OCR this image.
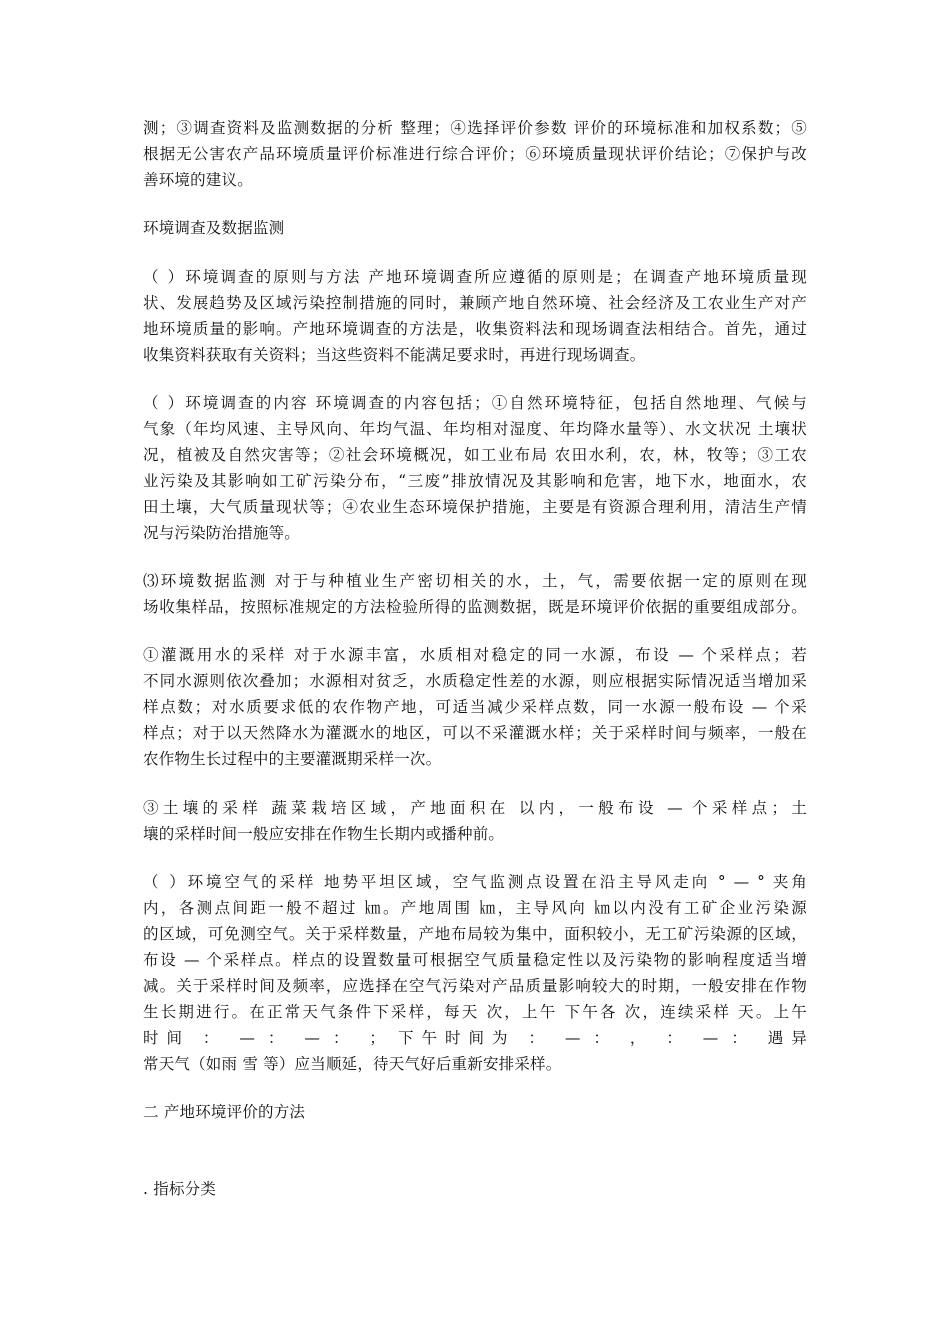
测；③调查资料及监测数据的分析 整理；④选择评价参数 评价的环境标准和加权系数；⑤
根据无公害农产品环境质量评价标准进行综合评价；⑥环境质量现状评价结论；⑦保护与改
善环境的建议。
环境调查及数据监测
（ ）环境调查的原则与方法 产地环境调查所应遵循的原则是；在调查产地环境质量现
状、发展趋势及区域污染控制措施的同时，兼顾产地自然环境、社会经济及工农业生产对产
地环境质量的影响。产地环境调查的方法是，收集资料法和现场调查法相结合。首先，通过
收集资料获取有关资料；当这些资料不能满足要求时，再进行现场调查。
（ ）环境调查的内容 环境调查的内容包括；①自然环境特征，包括自然地理、气候与
气象（年均风速、主导风向、年均气温、年均相对湿度、年均降水量等）、水文状况 土壤状
况，植被及自然灾害等；②社会环境概况，如工业布局 农田水利，农，林，牧等；③工农
业污染及其影响如工矿污染分布，“三废”排放情况及其影响和危害，地下水，地面水，农
田土壤，大气质量现状等；④农业生态环境保护措施，主要是有资源合理利用，清洁生产情
况与污染防治措施等。
⑶环境数据监测 对于与种植业生产密切相关的水，土，气，需要依据一定的原则在现
场收集样品，按照标准规定的方法检验所得的监测数据，既是环境评价依据的重要组成部分。
①灌溉用水的采样 对于水源丰富，水质相对稳定的同一水源，布设 — 个采样点；若
不同水源则依次叠加；水源相对贫乏，水质稳定性差的水源，则应根据实际情况适当增加采
样点数；对水质要求低的农作物产地，可适当减少采样点数，同一水源一般布设 — 个采
样点；对于以天然降水为灌溉水的地区，可以不采灌溉水样；关于采样时间与频率，一般在
农作物生长过程中的主要灌溉期采样一次。
③土壤的采样 蔬菜栽培区域，产地面积在 以内，一般布设 — 个采样点；土
壤的采样时间一般应安排在作物生长期内或播种前。
（ ）环境空气的采样 地势平坦区域，空气监测点设置在沿主导风走向 ° — ° 夹角
内，各测点间距一般不超过 ㎞。产地周围 ㎞，主导风向 ㎞以内没有工矿企业污染源
的区域，可免测空气。关于采样数量，产地布局较为集中，面积较小，无工矿污染源的区域，
布设 — 个采样点。样点的设置数量可根据空气质量稳定性以及污染物的影响程度适当增
减。关于采样时间及频率，应选择在空气污染对产品质量影响较大的时期，一般安排在作物
生长期进行。在正常天气条件下采样，每天 次，上午 下午各 次，连续采样 天。上午
时间 ： — ： — ： ； 下午时间为 ： — ： ， ： — ： 遇异
常天气（如雨 雪 等）应当顺延，待天气好后重新安排采样。
二 产地环境评价的方法
. 指标分类
